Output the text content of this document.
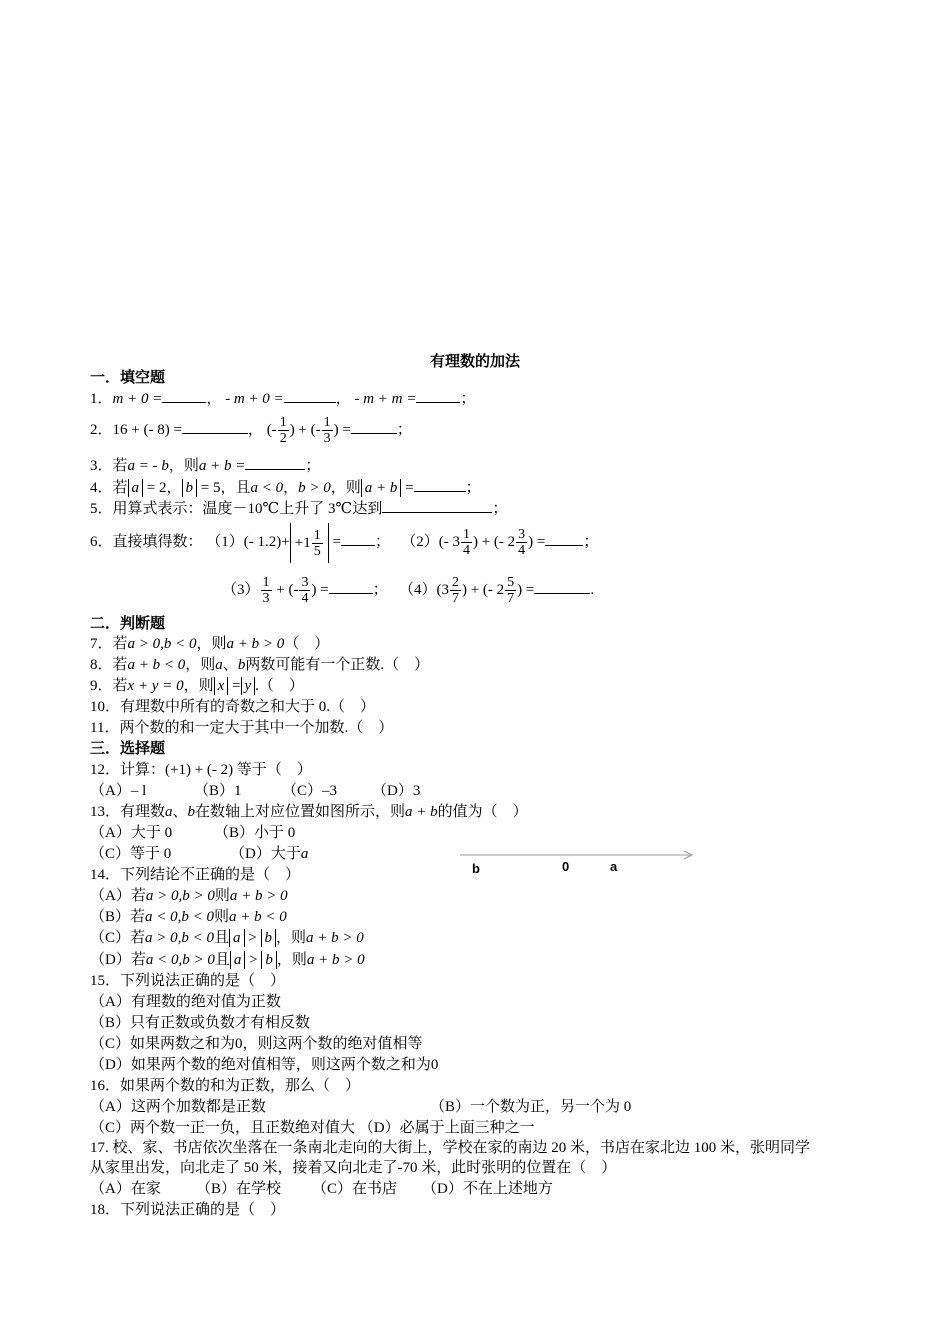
有理数的加法
一．填空题
1．m + 0 =	， - m + 0 =	， - m + m =	；
2．16 + (- 8) =	， (- $\frac{1}{2}$ ) + (- $\frac{1}{3}$ ) =	；
3．若a = - b，则a + b =	；
4．若 a = 2， b = 5，且a < 0，b > 0，则 a + b =	；
5．用算式表示：温度－10℃上升了 3℃达到	；
6．直接填得数： （1）(- $1.2)+ +1 \frac{1}{5}$ = ； （2）(- $3 \frac{1}{4}$ ) + (- $2 \frac{3}{4}$ ) =	；
$(3) \frac{1}{3}$ + (- $\frac{3}{4}$ ) =	； $(4)(3 \frac{2}{7}$ ) + (- $2 \frac{5}{7}$ ) =	.
二．判断题
7．若a > 0,b < 0，则a + b > 0（　）
8．若a + b < 0，则a、b两数可能有一个正数.（　）
9．若x + y = 0，则 x = y .（　）
10．有理数中所有的奇数之和大于 0.（　）
11．两个数的和一定大于其中一个加数.（　）
三．选择题
12．计算：(+1) + (- 2) 等于（　）
（A）– l	（B）1	（C）–3 （D）3
13．有理数a、b在数轴上对应位置如图所示，则a + b的值为（　）
（A）大于 0	（B）小于 0
（C）等于 0	（D）大于a
b	0	a
14．下列结论不正确的是（　）
（A）若a > 0,b > 0则a + b > 0
（B）若a < 0,b < 0则a + b < 0
（C）若a > 0,b < 0且 a > b ，则a + b > 0
（D）若a < 0,b > 0且 a > b ，则a + b > 0
15．下列说法正确的是（　）
（A）有理数的绝对值为正数
（B）只有正数或负数才有相反数
（C）如果两数之和为0，则这两个数的绝对值相等
（D）如果两个数的绝对值相等，则这两个数之和为0
16．如果两个数的和为正数，那么（　）
（A）这两个加数都是正数	（B）一个数为正，另一个为 0
（C）两个数一正一负，且正数绝对值大 （D）必属于上面三种之一
17. 校、家、书店依次坐落在一条南北走向的大街上，学校在家的南边 20 米，书店在家北边 100 米，张明同学
从家里出发，向北走了 50 米，接着又向北走了-70 米，此时张明的位置在（　）
（A）在家 （B）在学校 （C）在书店 （D）不在上述地方
18．下列说法正确的是（　）
